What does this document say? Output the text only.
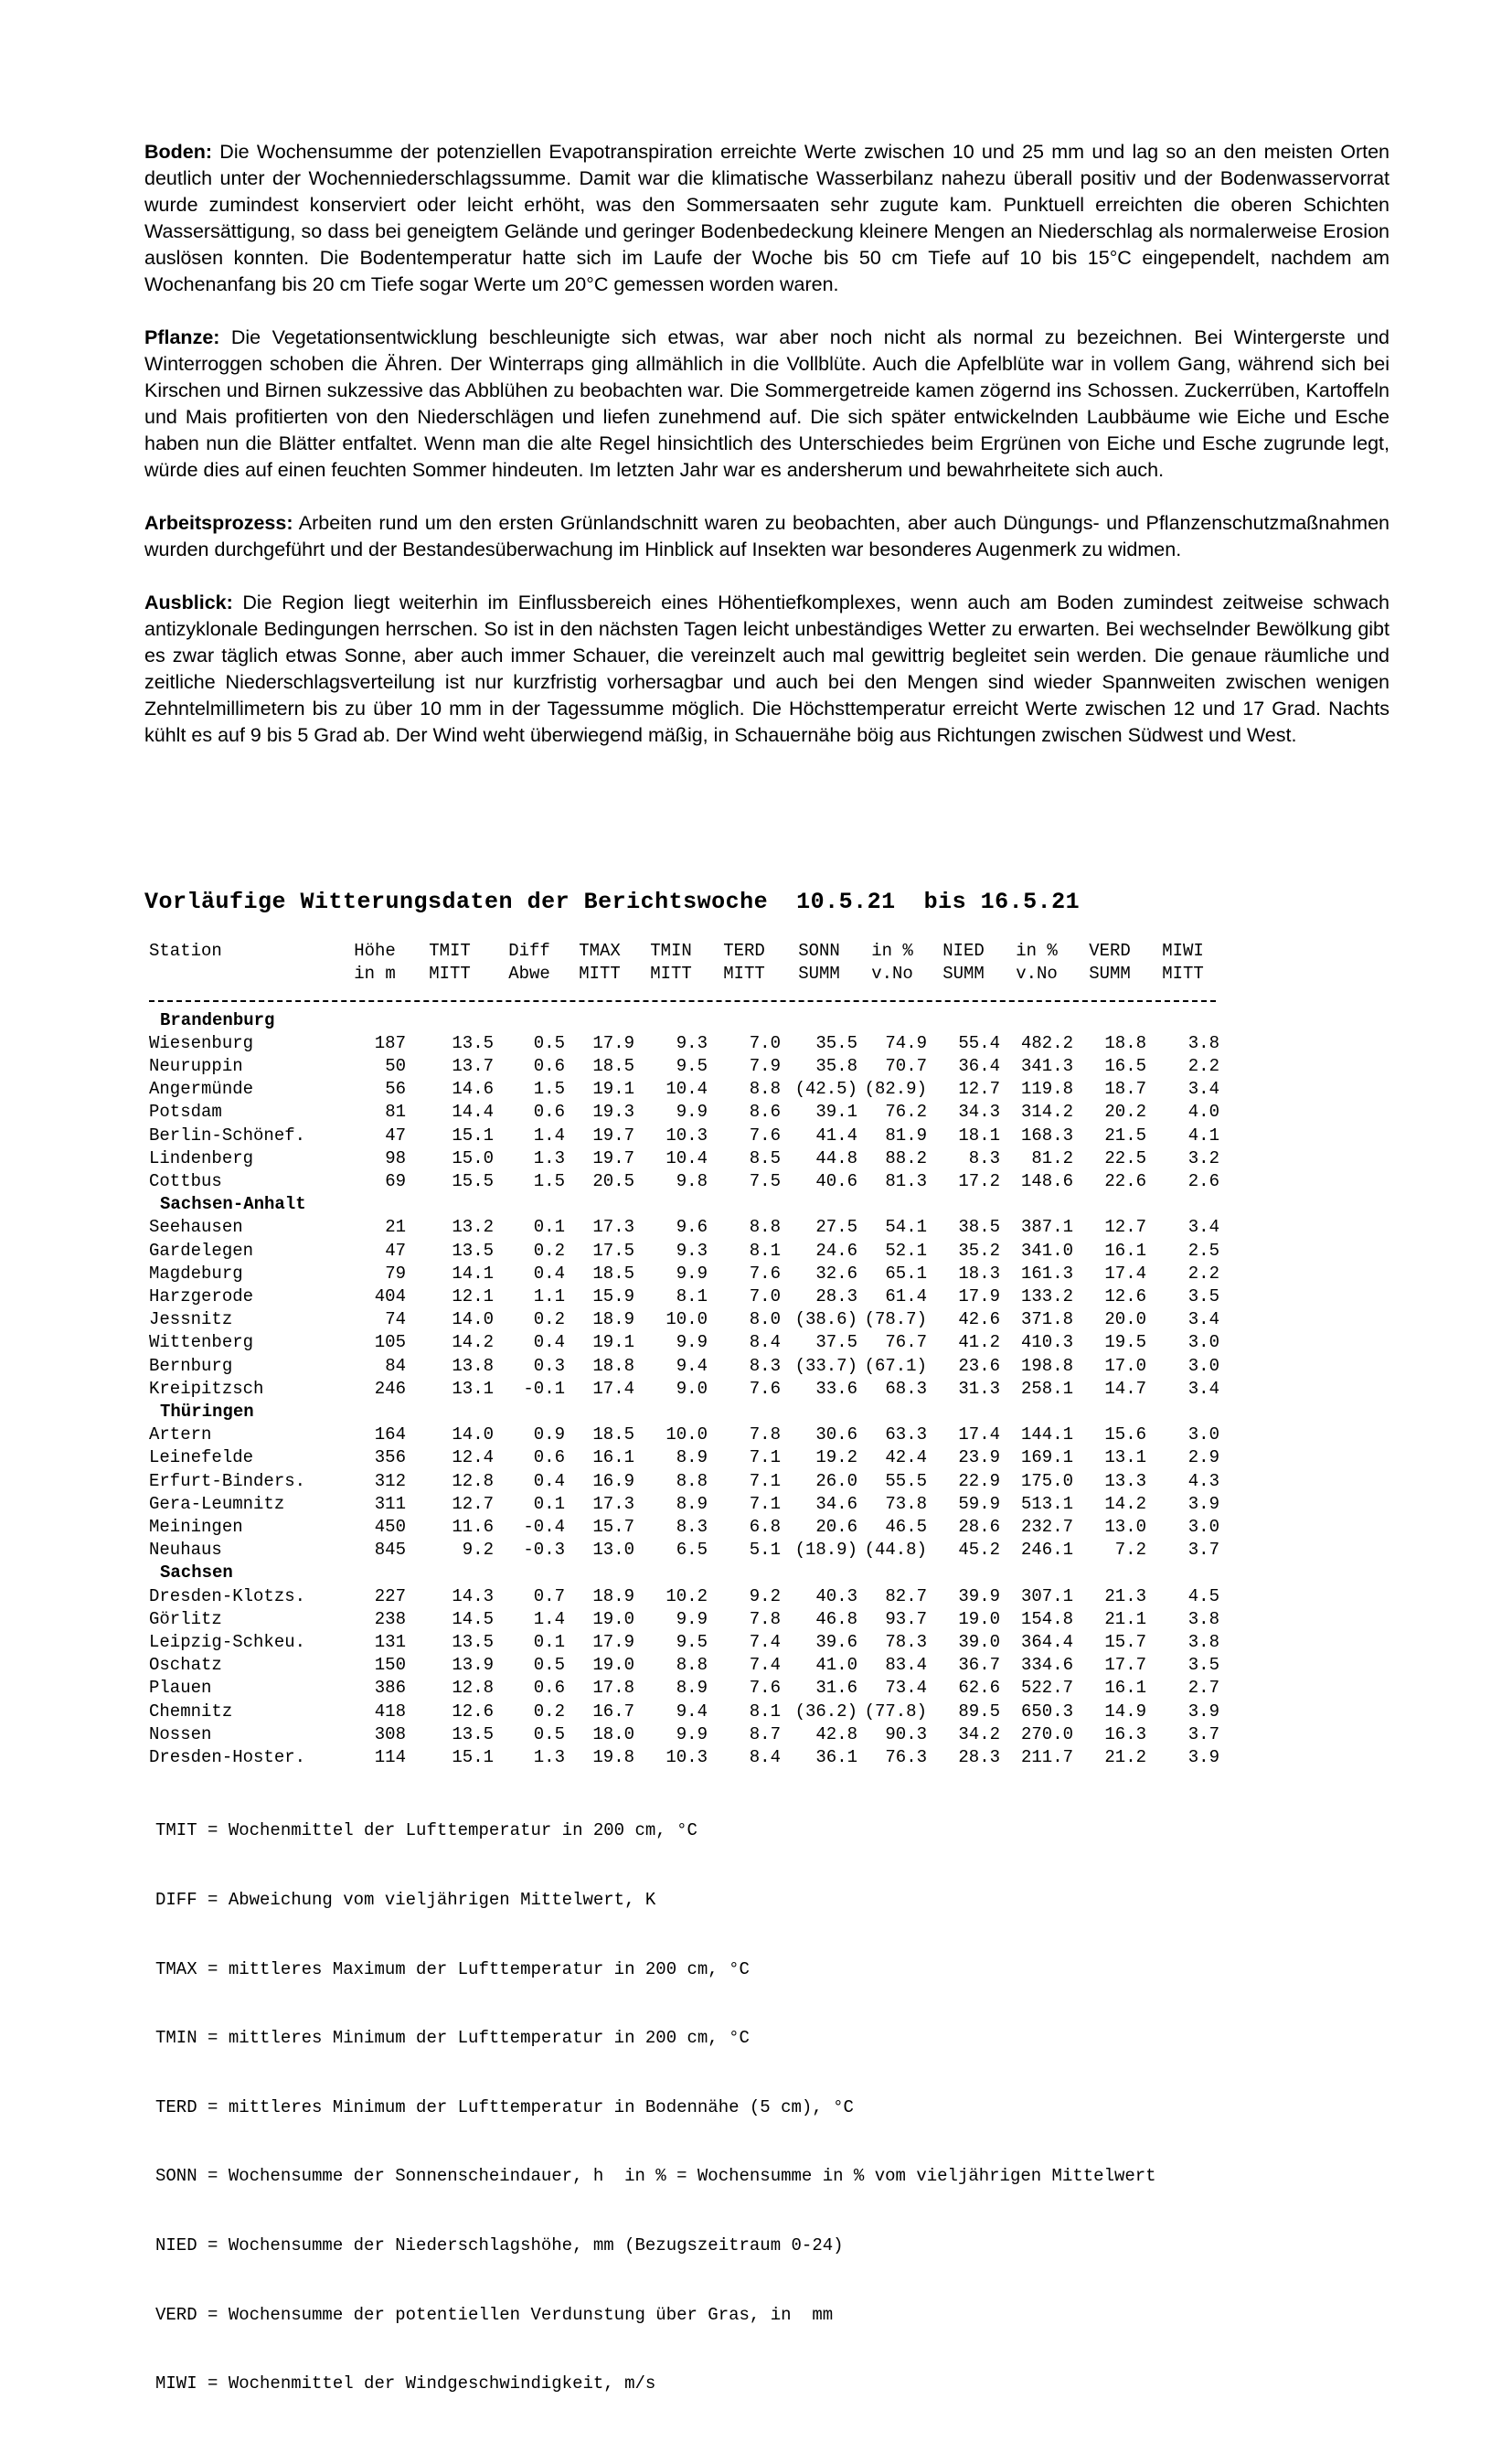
Boden: Die Wochensumme der potenziellen Evapotranspiration erreichte Werte zwischen 10 und 25 mm und lag so an den meisten Orten deutlich unter der Wochenniederschlagssumme. Damit war die klimatische Wasserbilanz nahezu überall positiv und der Bodenwasservorrat wurde zumindest konserviert oder leicht erhöht, was den Sommersaaten sehr zugute kam. Punktuell erreichten die oberen Schichten Wassersättigung, so dass bei geneigtem Gelände und geringer Bodenbedeckung kleinere Mengen an Niederschlag als normalerweise Erosion auslösen konnten. Die Bodentemperatur hatte sich im Laufe der Woche bis 50 cm Tiefe auf 10 bis 15°C eingependelt, nachdem am Wochenanfang bis 20 cm Tiefe sogar Werte um 20°C gemessen worden waren.

Pflanze: Die Vegetationsentwicklung beschleunigte sich etwas, war aber noch nicht als normal zu bezeichnen. Bei Wintergerste und Winterroggen schoben die Ähren. Der Winterraps ging allmählich in die Vollblüte. Auch die Apfelblüte war in vollem Gang, während sich bei Kirschen und Birnen sukzessive das Abblühen zu beobachten war. Die Sommergetreide kamen zögernd ins Schossen. Zuckerrüben, Kartoffeln und Mais profitierten von den Niederschlägen und liefen zunehmend auf. Die sich später entwickelnden Laubbäume wie Eiche und Esche haben nun die Blätter entfaltet. Wenn man die alte Regel hinsichtlich des Unterschiedes beim Ergrünen von Eiche und Esche zugrunde legt, würde dies auf einen feuchten Sommer hindeuten. Im letzten Jahr war es andersherum und bewahrheitete sich auch.

Arbeitsprozess: Arbeiten rund um den ersten Grünlandschnitt waren zu beobachten, aber auch Düngungs- und Pflanzenschutzmaßnahmen wurden durchgeführt und der Bestandesüberwachung im Hinblick auf Insekten war besonderes Augenmerk zu widmen.

Ausblick: Die Region liegt weiterhin im Einflussbereich eines Höhentiefkomplexes, wenn auch am Boden zumindest zeitweise schwach antizyklonale Bedingungen herrschen. So ist in den nächsten Tagen leicht unbeständiges Wetter zu erwarten. Bei wechselnder Bewölkung gibt es zwar täglich etwas Sonne, aber auch immer Schauer, die vereinzelt auch mal gewittrig begleitet sein werden. Die genaue räumliche und zeitliche Niederschlagsverteilung ist nur kurzfristig vorhersagbar und auch bei den Mengen sind wieder Spannweiten zwischen wenigen Zehntelmillimetern bis zu über 10 mm in der Tagessumme möglich. Die Höchsttemperatur erreicht Werte zwischen 12 und 17 Grad. Nachts kühlt es auf 9 bis 5 Grad ab. Der Wind weht überwiegend mäßig, in Schauernähe böig aus Richtungen zwischen Südwest und West.

Vorläufige Witterungsdaten der Berichtswoche  10.5.21  bis 16.5.21
Station	Höhe	TMIT	Diff	TMAX	TMIN	TERD	SONN	in %	NIED	in %	VERD	MIWI
	in m	MITT	Abwe	MITT	MITT	MITT	SUMM	v.No	SUMM	v.No	SUMM	MITT

Brandenburg												
Wiesenburg	187	13.5	0.5	17.9	9.3	7.0	35.5	74.9	55.4	482.2	18.8	3.8
Neuruppin	50	13.7	0.6	18.5	9.5	7.9	35.8	70.7	36.4	341.3	16.5	2.2
Angermünde	56	14.6	1.5	19.1	10.4	8.8	(42.5)	(82.9)	12.7	119.8	18.7	3.4
Potsdam	81	14.4	0.6	19.3	9.9	8.6	39.1	76.2	34.3	314.2	20.2	4.0
Berlin-Schönef.	47	15.1	1.4	19.7	10.3	7.6	41.4	81.9	18.1	168.3	21.5	4.1
Lindenberg	98	15.0	1.3	19.7	10.4	8.5	44.8	88.2	8.3	81.2	22.5	3.2
Cottbus	69	15.5	1.5	20.5	9.8	7.5	40.6	81.3	17.2	148.6	22.6	2.6
Sachsen-Anhalt												
Seehausen	21	13.2	0.1	17.3	9.6	8.8	27.5	54.1	38.5	387.1	12.7	3.4
Gardelegen	47	13.5	0.2	17.5	9.3	8.1	24.6	52.1	35.2	341.0	16.1	2.5
Magdeburg	79	14.1	0.4	18.5	9.9	7.6	32.6	65.1	18.3	161.3	17.4	2.2
Harzgerode	404	12.1	1.1	15.9	8.1	7.0	28.3	61.4	17.9	133.2	12.6	3.5
Jessnitz	74	14.0	0.2	18.9	10.0	8.0	(38.6)	(78.7)	42.6	371.8	20.0	3.4
Wittenberg	105	14.2	0.4	19.1	9.9	8.4	37.5	76.7	41.2	410.3	19.5	3.0
Bernburg	84	13.8	0.3	18.8	9.4	8.3	(33.7)	(67.1)	23.6	198.8	17.0	3.0
Kreipitzsch	246	13.1	-0.1	17.4	9.0	7.6	33.6	68.3	31.3	258.1	14.7	3.4
Thüringen												
Artern	164	14.0	0.9	18.5	10.0	7.8	30.6	63.3	17.4	144.1	15.6	3.0
Leinefelde	356	12.4	0.6	16.1	8.9	7.1	19.2	42.4	23.9	169.1	13.1	2.9
Erfurt-Binders.	312	12.8	0.4	16.9	8.8	7.1	26.0	55.5	22.9	175.0	13.3	4.3
Gera-Leumnitz	311	12.7	0.1	17.3	8.9	7.1	34.6	73.8	59.9	513.1	14.2	3.9
Meiningen	450	11.6	-0.4	15.7	8.3	6.8	20.6	46.5	28.6	232.7	13.0	3.0
Neuhaus	845	9.2	-0.3	13.0	6.5	5.1	(18.9)	(44.8)	45.2	246.1	7.2	3.7
Sachsen												
Dresden-Klotzs.	227	14.3	0.7	18.9	10.2	9.2	40.3	82.7	39.9	307.1	21.3	4.5
Görlitz	238	14.5	1.4	19.0	9.9	7.8	46.8	93.7	19.0	154.8	21.1	3.8
Leipzig-Schkeu.	131	13.5	0.1	17.9	9.5	7.4	39.6	78.3	39.0	364.4	15.7	3.8
Oschatz	150	13.9	0.5	19.0	8.8	7.4	41.0	83.4	36.7	334.6	17.7	3.5
Plauen	386	12.8	0.6	17.8	8.9	7.6	31.6	73.4	62.6	522.7	16.1	2.7
Chemnitz	418	12.6	0.2	16.7	9.4	8.1	(36.2)	(77.8)	89.5	650.3	14.9	3.9
Nossen	308	13.5	0.5	18.0	9.9	8.7	42.8	90.3	34.2	270.0	16.3	3.7
Dresden-Hoster.	114	15.1	1.3	19.8	10.3	8.4	36.1	76.3	28.3	211.7	21.2	3.9

TMIT = Wochenmittel der Lufttemperatur in 200 cm, °C

DIFF = Abweichung vom vieljährigen Mittelwert, K

TMAX = mittleres Maximum der Lufttemperatur in 200 cm, °C

TMIN = mittleres Minimum der Lufttemperatur in 200 cm, °C

TERD = mittleres Minimum der Lufttemperatur in Bodennähe (5 cm), °C

SONN = Wochensumme der Sonnenscheindauer, h  in % = Wochensumme in % vom vieljährigen Mittelwert

NIED = Wochensumme der Niederschlagshöhe, mm (Bezugszeitraum 0-24)

VERD = Wochensumme der potentiellen Verdunstung über Gras, in  mm

MIWI = Wochenmittel der Windgeschwindigkeit, m/s
